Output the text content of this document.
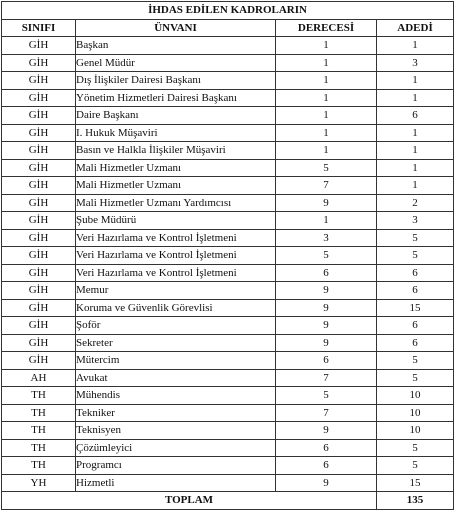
İHDAS EDİLEN KADROLARIN			
SINIFI	ÜNVANI	DERECESİ	ADEDİ
GİH	Başkan	1	1
GİH	Genel Müdür	1	3
GİH	Dış İlişkiler Dairesi Başkanı	1	1
GİH	Yönetim Hizmetleri Dairesi Başkanı	1	1
GİH	Daire Başkanı	1	6
GİH	I. Hukuk Müşaviri	1	1
GİH	Basın ve Halkla İlişkiler Müşaviri	1	1
GİH	Mali Hizmetler Uzmanı	5	1
GİH	Mali Hizmetler Uzmanı	7	1
GİH	Mali Hizmetler Uzmanı Yardımcısı	9	2
GİH	Şube Müdürü	1	3
GİH	Veri Hazırlama ve Kontrol İşletmeni	3	5
GİH	Veri Hazırlama ve Kontrol İşletmeni	5	5
GİH	Veri Hazırlama ve Kontrol İşletmeni	6	6
GİH	Memur	9	6
GİH	Koruma ve Güvenlik Görevlisi	9	15
GİH	Şoför	9	6
GİH	Sekreter	9	6
GİH	Mütercim	6	5
AH	Avukat	7	5
TH	Mühendis	5	10
TH	Tekniker	7	10
TH	Teknisyen	9	10
TH	Çözümleyici	6	5
TH	Programcı	6	5
YH	Hizmetli	9	15
TOPLAM			135
